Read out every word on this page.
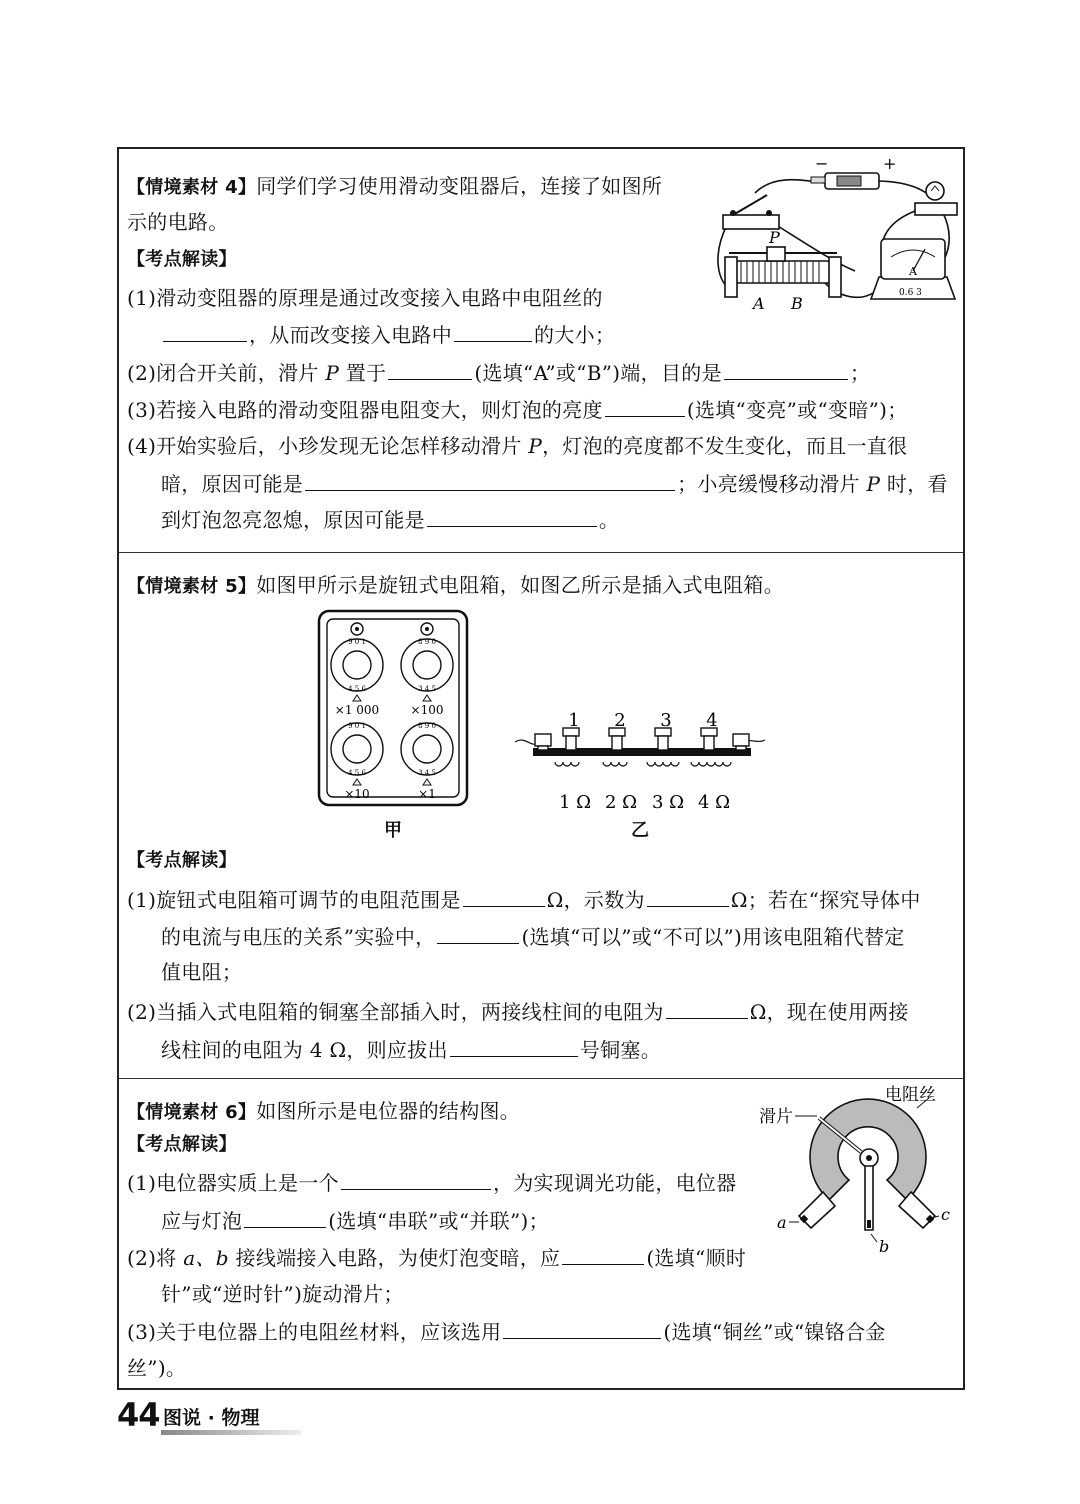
【情境素材 4】同学们学习使用滑动变阻器后，连接了如图所
示的电路。
【考点解读】
(1)滑动变阻器的原理是通过改变接入电路中电阻丝的
，从而改变接入电路中	的大小；
(2)闭合开关前，滑片 P 置于	(选填“A”或“B”)端，目的是	；
(3)若接入电路的滑动变阻器电阻变大，则灯泡的亮度	(选填“变亮”或“变暗”)；
(4)开始实验后，小珍发现无论怎样移动滑片 P，灯泡的亮度都不发生变化，而且一直很
暗，原因可能是	；小亮缓慢移动滑片 P 时，看
到灯泡忽亮忽熄，原因可能是	。
−	+
P
A B
A
0.6 3
【情境素材 5】如图甲所示是旋钮式电阻箱，如图乙所示是插入式电阻箱。
9 0 1
4 5 6
8 9 0
3 4 5
9 0 1
4 5 6
8 9 0
3 4 5
×1 000	×100
×10	×1
甲
1 2 3 4
1 Ω 2 Ω 3 Ω 4 Ω
乙
【考点解读】
(1)旋钮式电阻箱可调节的电阻范围是	Ω，示数为	Ω；若在“探究导体中
的电流与电压的关系”实验中，	(选填“可以”或“不可以”)用该电阻箱代替定
值电阻；
(2)当插入式电阻箱的铜塞全部插入时，两接线柱间的电阻为	Ω，现在使用两接
线柱间的电阻为 4 Ω，则应拔出	号铜塞。
【情境素材 6】如图所示是电位器的结构图。
【考点解读】
(1)电位器实质上是一个	，为实现调光功能，电位器
应与灯泡	(选填“串联”或“并联”)；
(2)将 a、b 接线端接入电路，为使灯泡变暗，应	(选填“顺时
针”或“逆时针”)旋动滑片；
(3)关于电位器上的电阻丝材料，应该选用	(选填“铜丝”或“镍铬合金
丝”)。
电阻丝
滑片
a
b
c
44 图说 · 物理
